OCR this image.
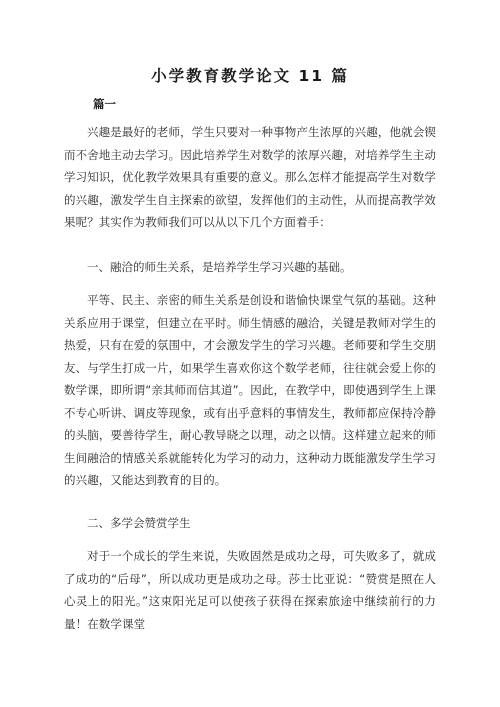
小学教育教学论文 11 篇
篇一
兴趣是最好的老师，学生只要对一种事物产生浓厚的兴趣，他就会锲而不舍地主动去学习。因此培养学生对数学的浓厚兴趣，对培养学生主动学习知识，优化教学效果具有重要的意义。那么怎样才能提高学生对数学的兴趣，激发学生自主探索的欲望，发挥他们的主动性，从而提高教学效果呢？其实作为教师我们可以从以下几个方面着手：
一、融洽的师生关系，是培养学生学习兴趣的基础。
平等、民主、亲密的师生关系是创设和谐愉快课堂气氛的基础。这种关系应用于课堂，但建立在平时。师生情感的融洽，关键是教师对学生的热爱，只有在爱的氛围中，才会激发学生的学习兴趣。老师要和学生交朋友、与学生打成一片，如果学生喜欢你这个数学老师，往往就会爱上你的数学课，即所谓“亲其师而信其道”。因此，在教学中，即使遇到学生上课不专心听讲、调皮等现象，或有出乎意料的事情发生，教师都应保持冷静的头脑，要善待学生，耐心教导晓之以理，动之以情。这样建立起来的师生间融洽的情感关系就能转化为学习的动力，这种动力既能激发学生学习的兴趣，又能达到教育的目的。
二、多学会赞赏学生
对于一个成长的学生来说，失败固然是成功之母，可失败多了，就成了成功的“后母”，所以成功更是成功之母。莎士比亚说：“赞赏是照在人心灵上的阳光。”这束阳光足可以使孩子获得在探索旅途中继续前行的力量！在数学课堂
